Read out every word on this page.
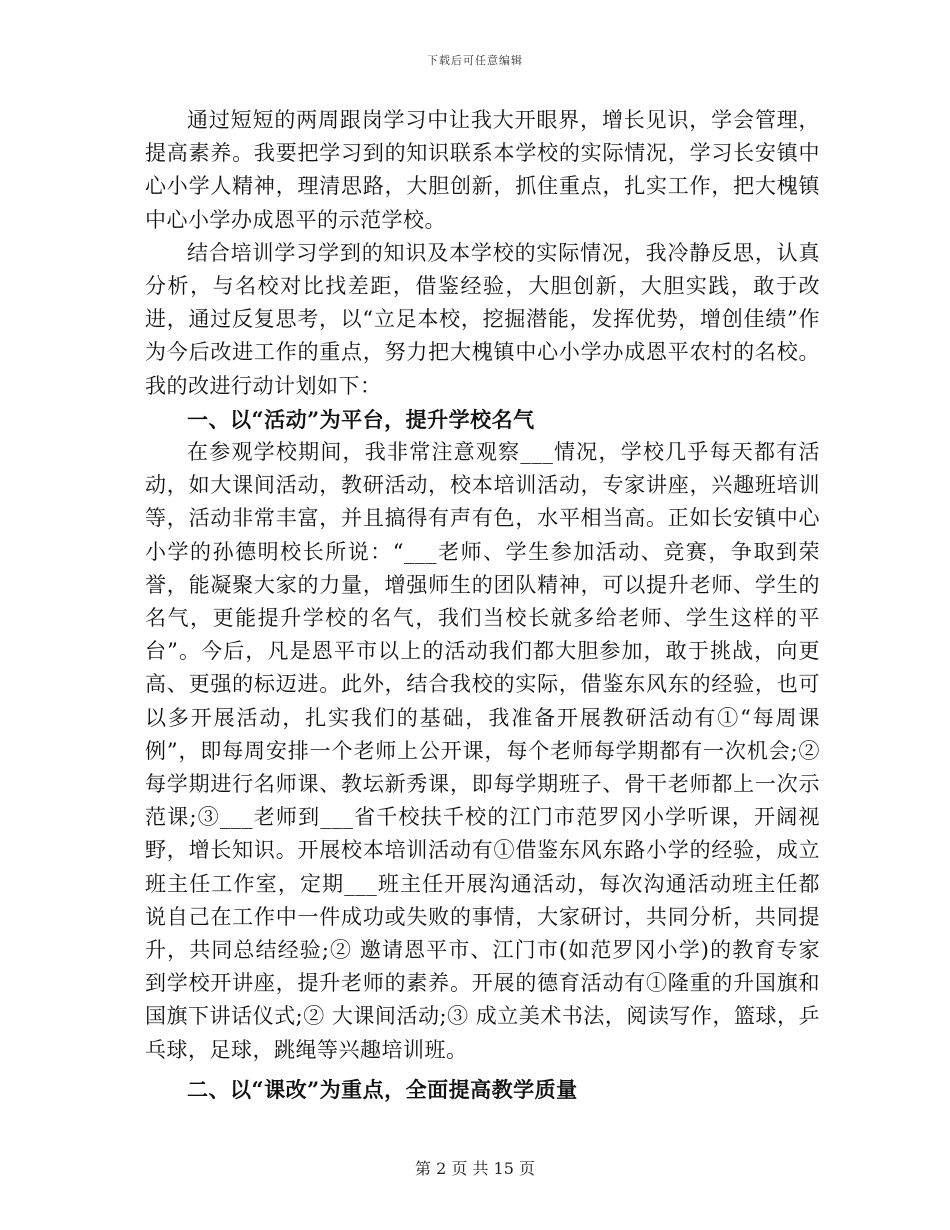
下载后可任意编辑

通过短短的两周跟岗学习中让我大开眼界，增长见识，学会管理，提高素养。我要把学习到的知识联系本学校的实际情况，学习长安镇中心小学人精神，理清思路，大胆创新，抓住重点，扎实工作，把大槐镇中心小学办成恩平的示范学校。

结合培训学习学到的知识及本学校的实际情况，我冷静反思，认真分析，与名校对比找差距，借鉴经验，大胆创新，大胆实践，敢于改进，通过反复思考，以“立足本校，挖掘潜能，发挥优势，增创佳绩”作为今后改进工作的重点，努力把大槐镇中心小学办成恩平农村的名校。我的改进行动计划如下：

一、以“活动”为平台，提升学校名气

在参观学校期间，我非常注意观察___情况，学校几乎每天都有活动，如大课间活动，教研活动，校本培训活动，专家讲座，兴趣班培训等，活动非常丰富，并且搞得有声有色，水平相当高。正如长安镇中心小学的孙德明校长所说：“___老师、学生参加活动、竞赛，争取到荣誉，能凝聚大家的力量，增强师生的团队精神，可以提升老师、学生的名气，更能提升学校的名气，我们当校长就多给老师、学生这样的平台”。今后，凡是恩平市以上的活动我们都大胆参加，敢于挑战，向更高、更强的标迈进。此外，结合我校的实际，借鉴东风东的经验，也可以多开展活动，扎实我们的基础，我准备开展教研活动有①“每周课例”，即每周安排一个老师上公开课，每个老师每学期都有一次机会;② 每学期进行名师课、教坛新秀课，即每学期班子、骨干老师都上一次示范课;③___老师到___省千校扶千校的江门市范罗冈小学听课，开阔视野，增长知识。开展校本培训活动有①借鉴东风东路小学的经验，成立班主任工作室，定期___班主任开展沟通活动，每次沟通活动班主任都说自己在工作中一件成功或失败的事情，大家研讨，共同分析，共同提升，共同总结经验;② 邀请恩平市、江门市(如范罗冈小学)的教育专家到学校开讲座，提升老师的素养。开展的德育活动有①隆重的升国旗和国旗下讲话仪式;② 大课间活动;③ 成立美术书法，阅读写作，篮球，乒乓球，足球，跳绳等兴趣培训班。

二、以“课改”为重点，全面提高教学质量

第 2 页 共 15 页
